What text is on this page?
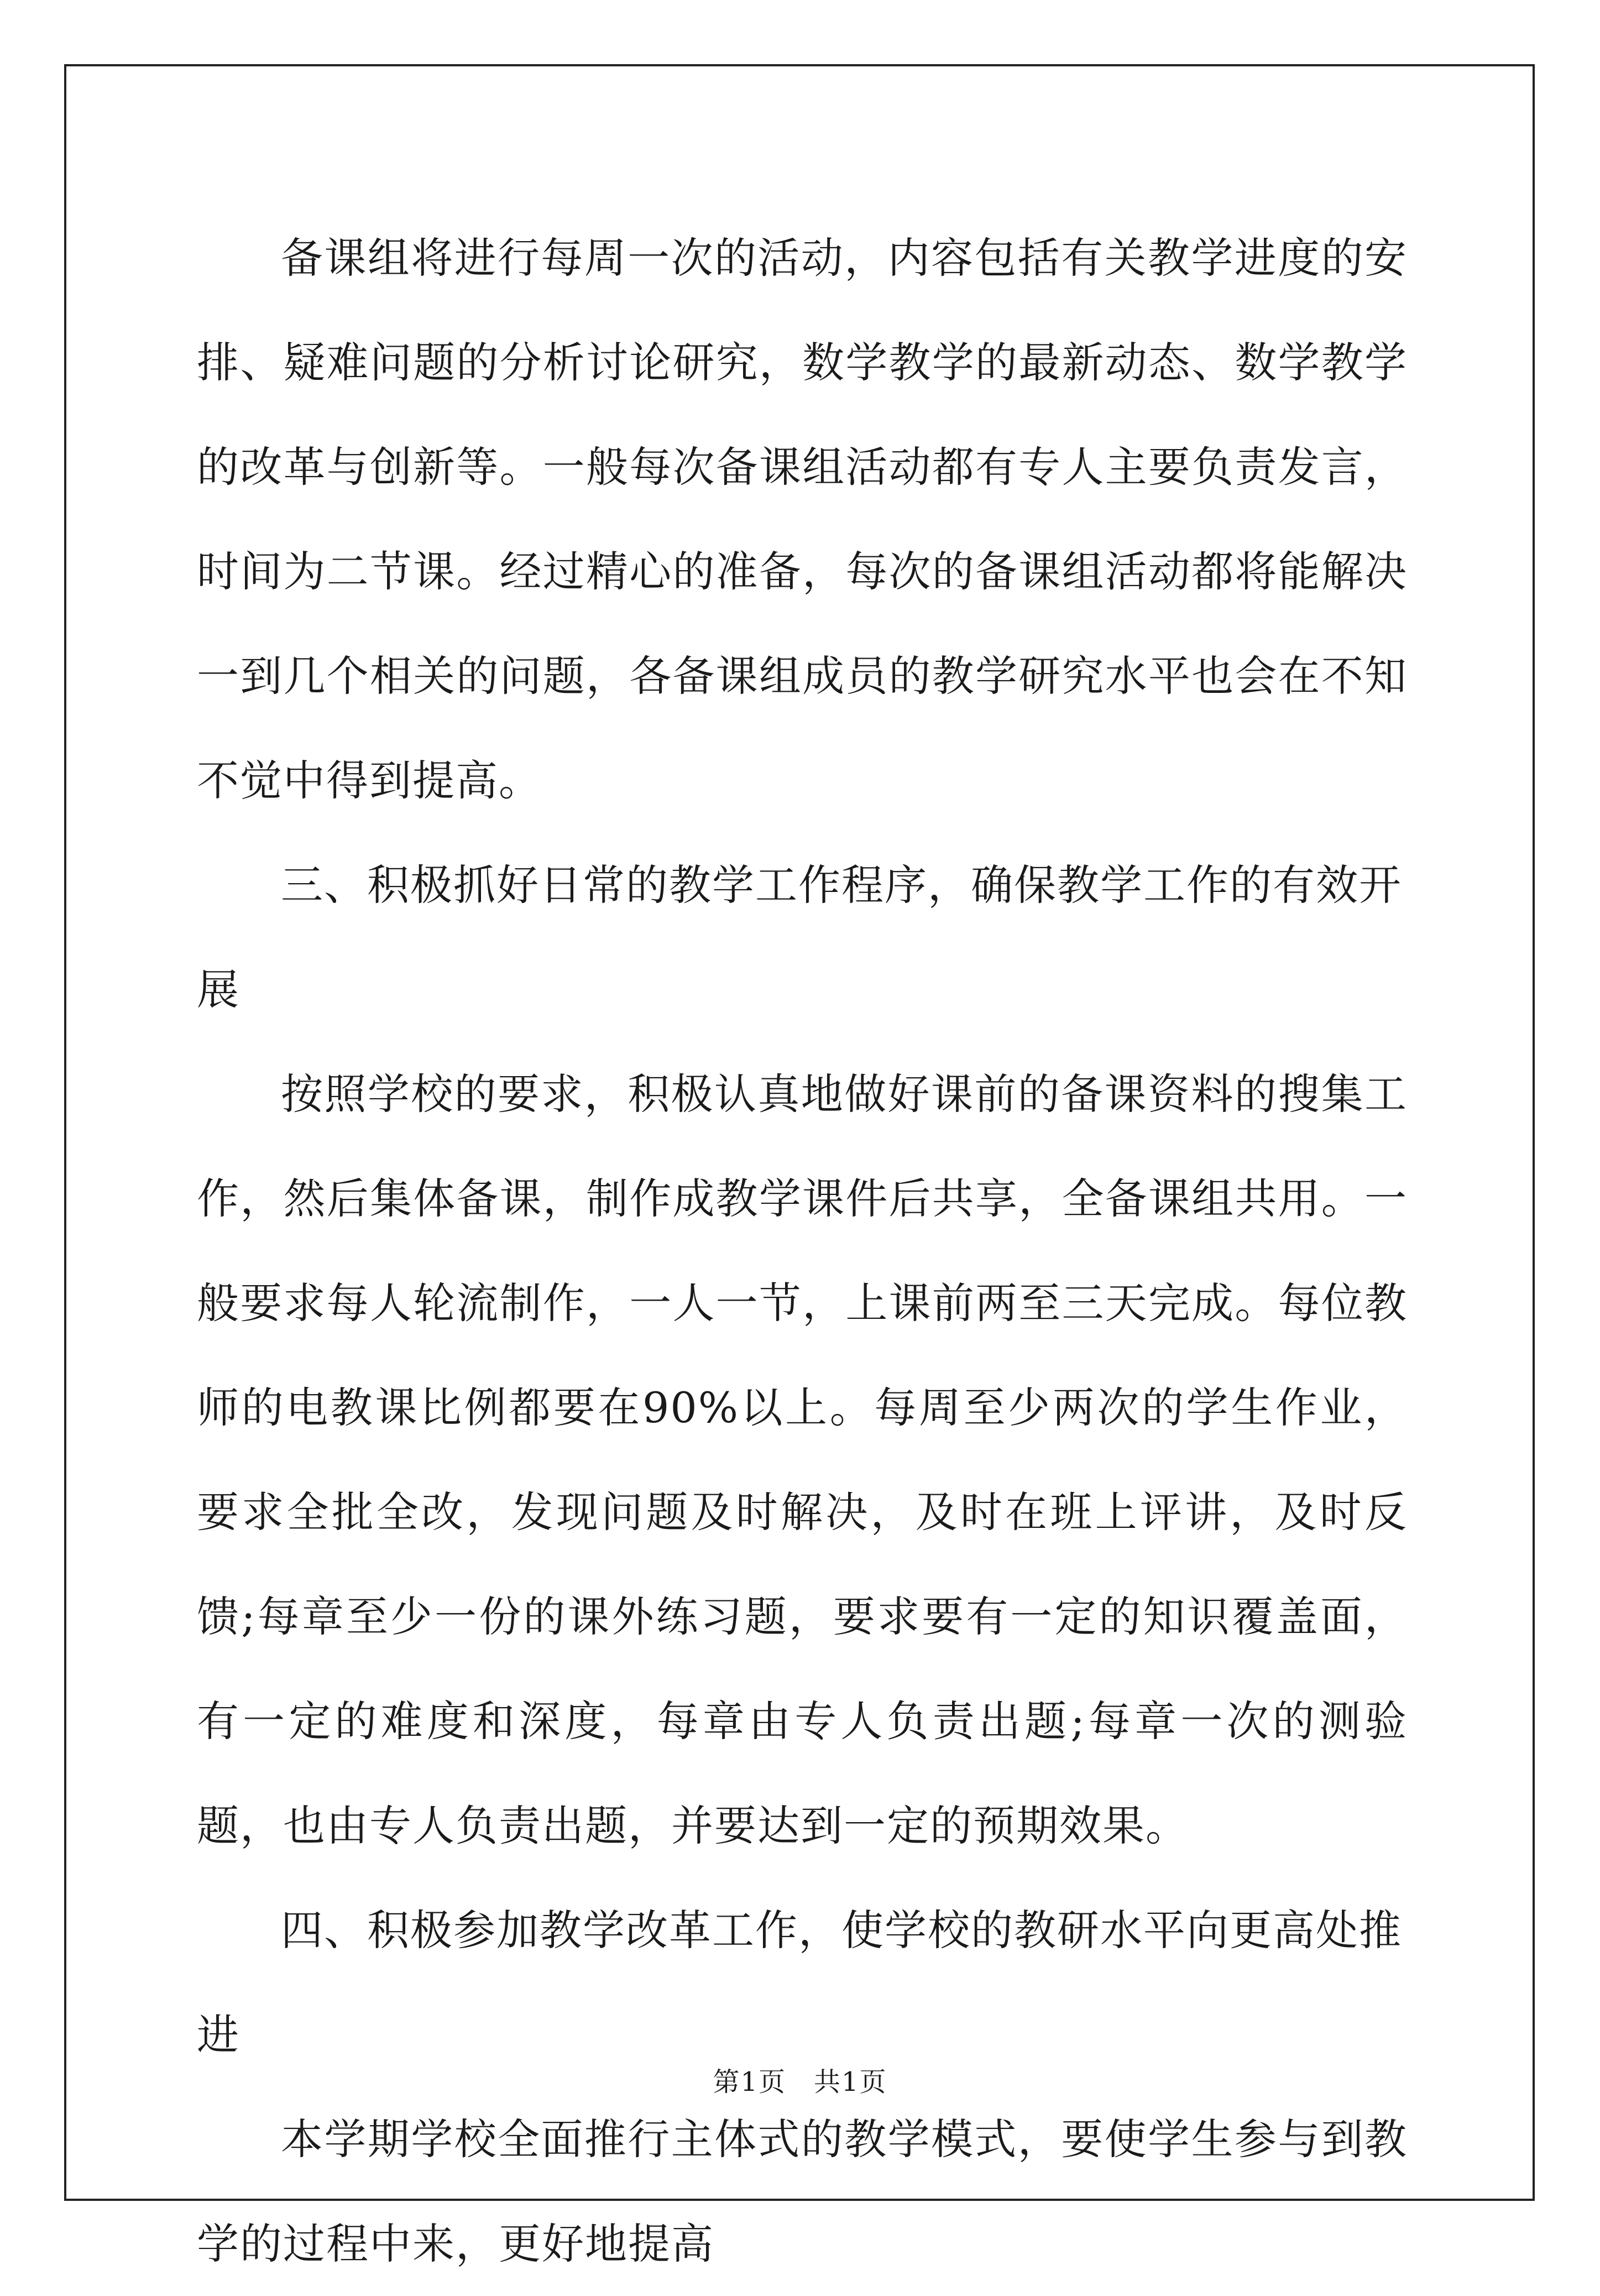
备课组将进行每周一次的活动，内容包括有关教学进度的安排、疑难问题的分析讨论研究，数学教学的最新动态、数学教学的改革与创新等。一般每次备课组活动都有专人主要负责发言，时间为二节课。经过精心的准备，每次的备课组活动都将能解决一到几个相关的问题，各备课组成员的教学研究水平也会在不知不觉中得到提高。

三、积极抓好日常的教学工作程序，确保教学工作的有效开展

按照学校的要求，积极认真地做好课前的备课资料的搜集工作，然后集体备课，制作成教学课件后共享，全备课组共用。一般要求每人轮流制作，一人一节，上课前两至三天完成。每位教师的电教课比例都要在90%以上。每周至少两次的学生作业，要求全批全改，发现问题及时解决，及时在班上评讲，及时反馈;每章至少一份的课外练习题，要求要有一定的知识覆盖面，有一定的难度和深度，每章由专人负责出题;每章一次的测验题，也由专人负责出题，并要达到一定的预期效果。

四、积极参加教学改革工作，使学校的教研水平向更高处推进

本学期学校全面推行主体式的教学模式，要使学生参与到教学的过程中来，更好地提高

第1页　共1页
